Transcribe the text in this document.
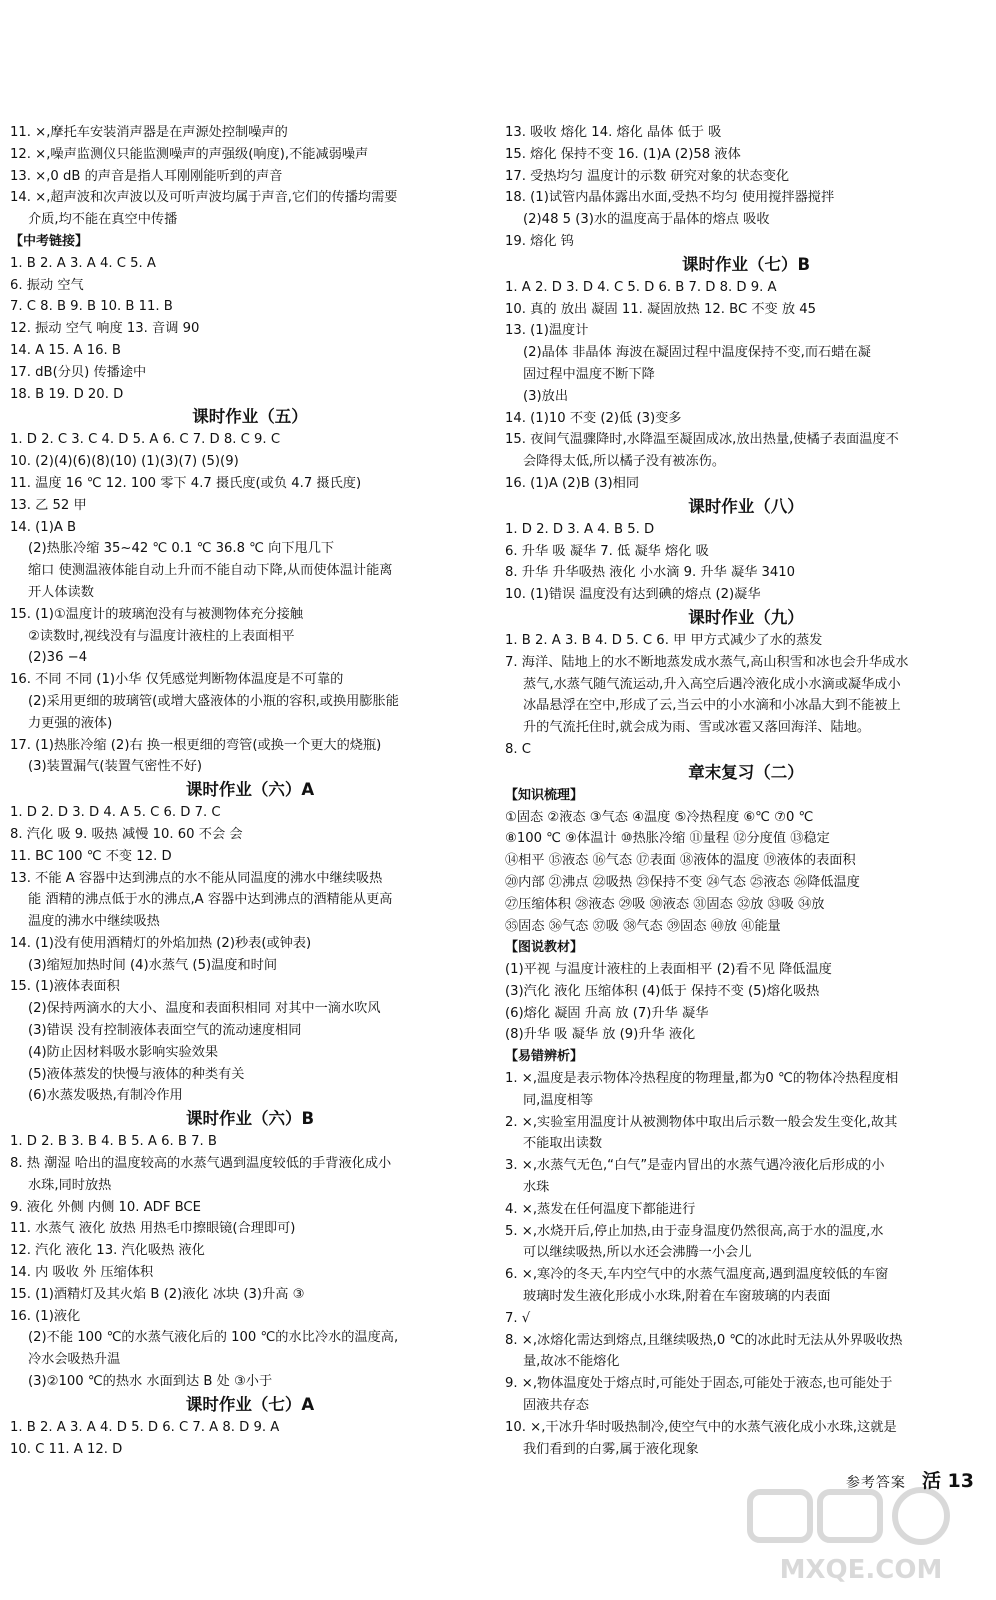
11. ×,摩托车安装消声器是在声源处控制噪声的
12. ×,噪声监测仪只能监测噪声的声强级(响度),不能减弱噪声
13. ×,0 dB 的声音是指人耳刚刚能听到的声音
14. ×,超声波和次声波以及可听声波均属于声音,它们的传播均需要
介质,均不能在真空中传播
【中考链接】
1. B 2. A 3. A 4. C 5. A
6. 振动 空气
7. C 8. B 9. B 10. B 11. B
12. 振动 空气 响度 13. 音调 90
14. A 15. A 16. B
17. dB(分贝) 传播途中
18. B 19. D 20. D
课时作业（五）
1. D 2. C 3. C 4. D 5. A 6. C 7. D 8. C 9. C
10. (2)(4)(6)(8)(10) (1)(3)(7) (5)(9)
11. 温度 16 ℃ 12. 100 零下 4.7 摄氏度(或负 4.7 摄氏度)
13. 乙 52 甲
14. (1)A B
(2)热胀冷缩 35~42 ℃ 0.1 ℃ 36.8 ℃ 向下甩几下
缩口 使测温液体能自动上升而不能自动下降,从而使体温计能离
开人体读数
15. (1)①温度计的玻璃泡没有与被测物体充分接触
②读数时,视线没有与温度计液柱的上表面相平
(2)36 −4
16. 不同 不同 (1)小华 仅凭感觉判断物体温度是不可靠的
(2)采用更细的玻璃管(或增大盛液体的小瓶的容积,或换用膨胀能
力更强的液体)
17. (1)热胀冷缩 (2)右 换一根更细的弯管(或换一个更大的烧瓶)
(3)装置漏气(装置气密性不好)
课时作业（六）A
1. D 2. D 3. D 4. A 5. C 6. D 7. C
8. 汽化 吸 9. 吸热 减慢 10. 60 不会 会
11. BC 100 ℃ 不变 12. D
13. 不能 A 容器中达到沸点的水不能从同温度的沸水中继续吸热
能 酒精的沸点低于水的沸点,A 容器中达到沸点的酒精能从更高
温度的沸水中继续吸热
14. (1)没有使用酒精灯的外焰加热 (2)秒表(或钟表)
(3)缩短加热时间 (4)水蒸气 (5)温度和时间
15. (1)液体表面积
(2)保持两滴水的大小、温度和表面积相同 对其中一滴水吹风
(3)错误 没有控制液体表面空气的流动速度相同
(4)防止因材料吸水影响实验效果
(5)液体蒸发的快慢与液体的种类有关
(6)水蒸发吸热,有制冷作用
课时作业（六）B
1. D 2. B 3. B 4. B 5. A 6. B 7. B
8. 热 潮湿 哈出的温度较高的水蒸气遇到温度较低的手背液化成小
水珠,同时放热
9. 液化 外侧 内侧 10. ADF BCE
11. 水蒸气 液化 放热 用热毛巾擦眼镜(合理即可)
12. 汽化 液化 13. 汽化吸热 液化
14. 内 吸收 外 压缩体积
15. (1)酒精灯及其火焰 B (2)液化 冰块 (3)升高 ③
16. (1)液化
(2)不能 100 ℃的水蒸气液化后的 100 ℃的水比冷水的温度高,
冷水会吸热升温
(3)②100 ℃的热水 水面到达 B 处 ③小于
课时作业（七）A
1. B 2. A 3. A 4. D 5. D 6. C 7. A 8. D 9. A
10. C 11. A 12. D
13. 吸收 熔化 14. 熔化 晶体 低于 吸
15. 熔化 保持不变 16. (1)A (2)58 液体
17. 受热均匀 温度计的示数 研究对象的状态变化
18. (1)试管内晶体露出水面,受热不均匀 使用搅拌器搅拌
(2)48 5 (3)水的温度高于晶体的熔点 吸收
19. 熔化 钨
课时作业（七）B
1. A 2. D 3. D 4. C 5. D 6. B 7. D 8. D 9. A
10. 真的 放出 凝固 11. 凝固放热 12. BC 不变 放 45
13. (1)温度计
(2)晶体 非晶体 海波在凝固过程中温度保持不变,而石蜡在凝
固过程中温度不断下降
(3)放出
14. (1)10 不变 (2)低 (3)变多
15. 夜间气温骤降时,水降温至凝固成冰,放出热量,使橘子表面温度不
会降得太低,所以橘子没有被冻伤。
16. (1)A (2)B (3)相同
课时作业（八）
1. D 2. D 3. A 4. B 5. D
6. 升华 吸 凝华 7. 低 凝华 熔化 吸
8. 升华 升华吸热 液化 小水滴 9. 升华 凝华 3410
10. (1)错误 温度没有达到碘的熔点 (2)凝华
课时作业（九）
1. B 2. A 3. B 4. D 5. C 6. 甲 甲方式减少了水的蒸发
7. 海洋、陆地上的水不断地蒸发成水蒸气,高山积雪和冰也会升华成水
蒸气,水蒸气随气流运动,升入高空后遇冷液化成小水滴或凝华成小
冰晶悬浮在空中,形成了云,当云中的小水滴和小冰晶大到不能被上
升的气流托住时,就会成为雨、雪或冰雹又落回海洋、陆地。
8. C
章末复习（二）
【知识梳理】
①固态 ②液态 ③气态 ④温度 ⑤冷热程度 ⑥℃ ⑦0 ℃
⑧100 ℃ ⑨体温计 ⑩热胀冷缩 ⑪量程 ⑫分度值 ⑬稳定
⑭相平 ⑮液态 ⑯气态 ⑰表面 ⑱液体的温度 ⑲液体的表面积
⑳内部 ㉑沸点 ㉒吸热 ㉓保持不变 ㉔气态 ㉕液态 ㉖降低温度
㉗压缩体积 ㉘液态 ㉙吸 ㉚液态 ㉛固态 ㉜放 ㉝吸 ㉞放
㉟固态 ㊱气态 ㊲吸 ㊳气态 ㊴固态 ㊵放 ㊶能量
【图说教材】
(1)平视 与温度计液柱的上表面相平 (2)看不见 降低温度
(3)汽化 液化 压缩体积 (4)低于 保持不变 (5)熔化吸热
(6)熔化 凝固 升高 放 (7)升华 凝华
(8)升华 吸 凝华 放 (9)升华 液化
【易错辨析】
1. ×,温度是表示物体冷热程度的物理量,都为0 ℃的物体冷热程度相
同,温度相等
2. ×,实验室用温度计从被测物体中取出后示数一般会发生变化,故其
不能取出读数
3. ×,水蒸气无色,“白气”是壶内冒出的水蒸气遇冷液化后形成的小
水珠
4. ×,蒸发在任何温度下都能进行
5. ×,水烧开后,停止加热,由于壶身温度仍然很高,高于水的温度,水
可以继续吸热,所以水还会沸腾一小会儿
6. ×,寒冷的冬天,车内空气中的水蒸气温度高,遇到温度较低的车窗
玻璃时发生液化形成小水珠,附着在车窗玻璃的内表面
7. √
8. ×,冰熔化需达到熔点,且继续吸热,0 ℃的冰此时无法从外界吸收热
量,故冰不能熔化
9. ×,物体温度处于熔点时,可能处于固态,可能处于液态,也可能处于
固液共存态
10. ×,干冰升华时吸热制冷,使空气中的水蒸气液化成小水珠,这就是
我们看到的白雾,属于液化现象
参考答案 活 13
MXQE.COM
